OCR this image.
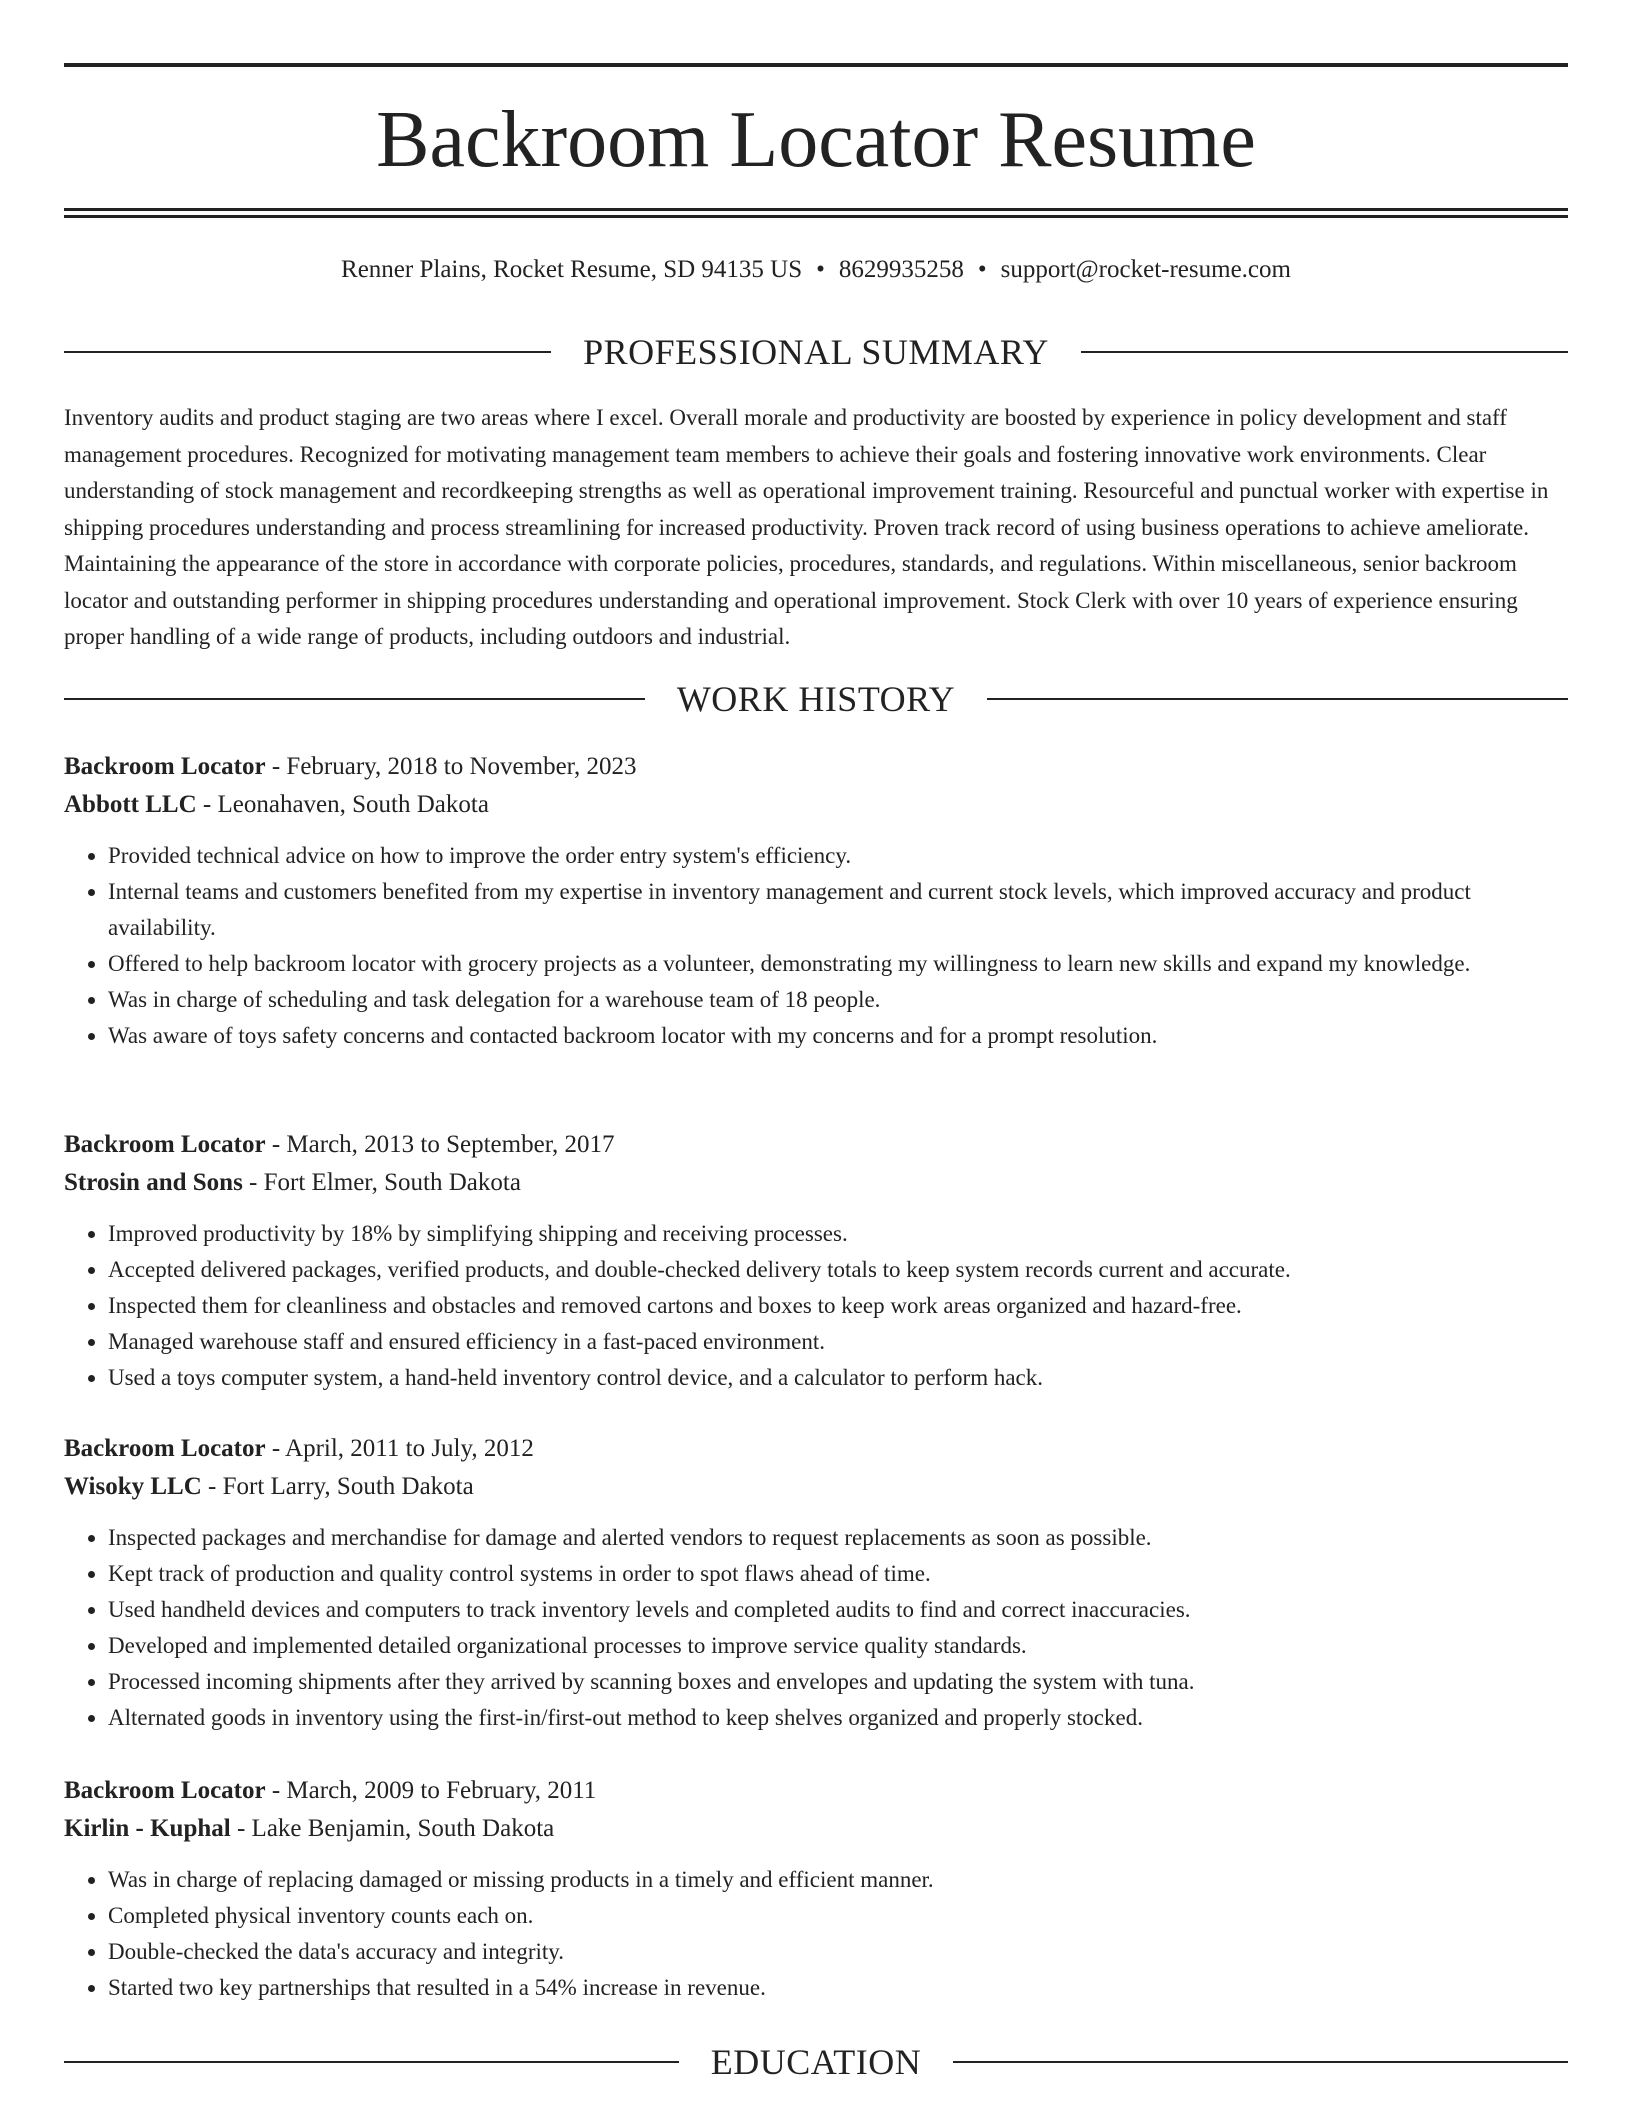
Backroom Locator Resume
Renner Plains, Rocket Resume, SD 94135 US • 8629935258 • support@rocket-resume.com
PROFESSIONAL SUMMARY

Inventory audits and product staging are two areas where I excel. Overall morale and productivity are boosted by experience in policy development and staff management procedures. Recognized for motivating management team members to achieve their goals and fostering innovative work environments. Clear understanding of stock management and recordkeeping strengths as well as operational improvement training. Resourceful and punctual worker with expertise in shipping procedures understanding and process streamlining for increased productivity. Proven track record of using business operations to achieve ameliorate. Maintaining the appearance of the store in accordance with corporate policies, procedures, standards, and regulations. Within miscellaneous, senior backroom locator and outstanding performer in shipping procedures understanding and operational improvement. Stock Clerk with over 10 years of experience ensuring proper handling of a wide range of products, including outdoors and industrial.

WORK HISTORY
Backroom Locator - February, 2018 to November, 2023
Abbott LLC - Leonahaven, South Dakota
• Provided technical advice on how to improve the order entry system's efficiency.
• Internal teams and customers benefited from my expertise in inventory management and current stock levels, which improved accuracy and product availability.
• Offered to help backroom locator with grocery projects as a volunteer, demonstrating my willingness to learn new skills and expand my knowledge.
• Was in charge of scheduling and task delegation for a warehouse team of 18 people.
• Was aware of toys safety concerns and contacted backroom locator with my concerns and for a prompt resolution.
Backroom Locator - March, 2013 to September, 2017
Strosin and Sons - Fort Elmer, South Dakota
• Improved productivity by 18% by simplifying shipping and receiving processes.
• Accepted delivered packages, verified products, and double-checked delivery totals to keep system records current and accurate.
• Inspected them for cleanliness and obstacles and removed cartons and boxes to keep work areas organized and hazard-free.
• Managed warehouse staff and ensured efficiency in a fast-paced environment.
• Used a toys computer system, a hand-held inventory control device, and a calculator to perform hack.
Backroom Locator - April, 2011 to July, 2012
Wisoky LLC - Fort Larry, South Dakota
• Inspected packages and merchandise for damage and alerted vendors to request replacements as soon as possible.
• Kept track of production and quality control systems in order to spot flaws ahead of time.
• Used handheld devices and computers to track inventory levels and completed audits to find and correct inaccuracies.
• Developed and implemented detailed organizational processes to improve service quality standards.
• Processed incoming shipments after they arrived by scanning boxes and envelopes and updating the system with tuna.
• Alternated goods in inventory using the first-in/first-out method to keep shelves organized and properly stocked.
Backroom Locator - March, 2009 to February, 2011
Kirlin - Kuphal - Lake Benjamin, South Dakota
• Was in charge of replacing damaged or missing products in a timely and efficient manner.
• Completed physical inventory counts each on.
• Double-checked the data's accuracy and integrity.
• Started two key partnerships that resulted in a 54% increase in revenue.
EDUCATION
